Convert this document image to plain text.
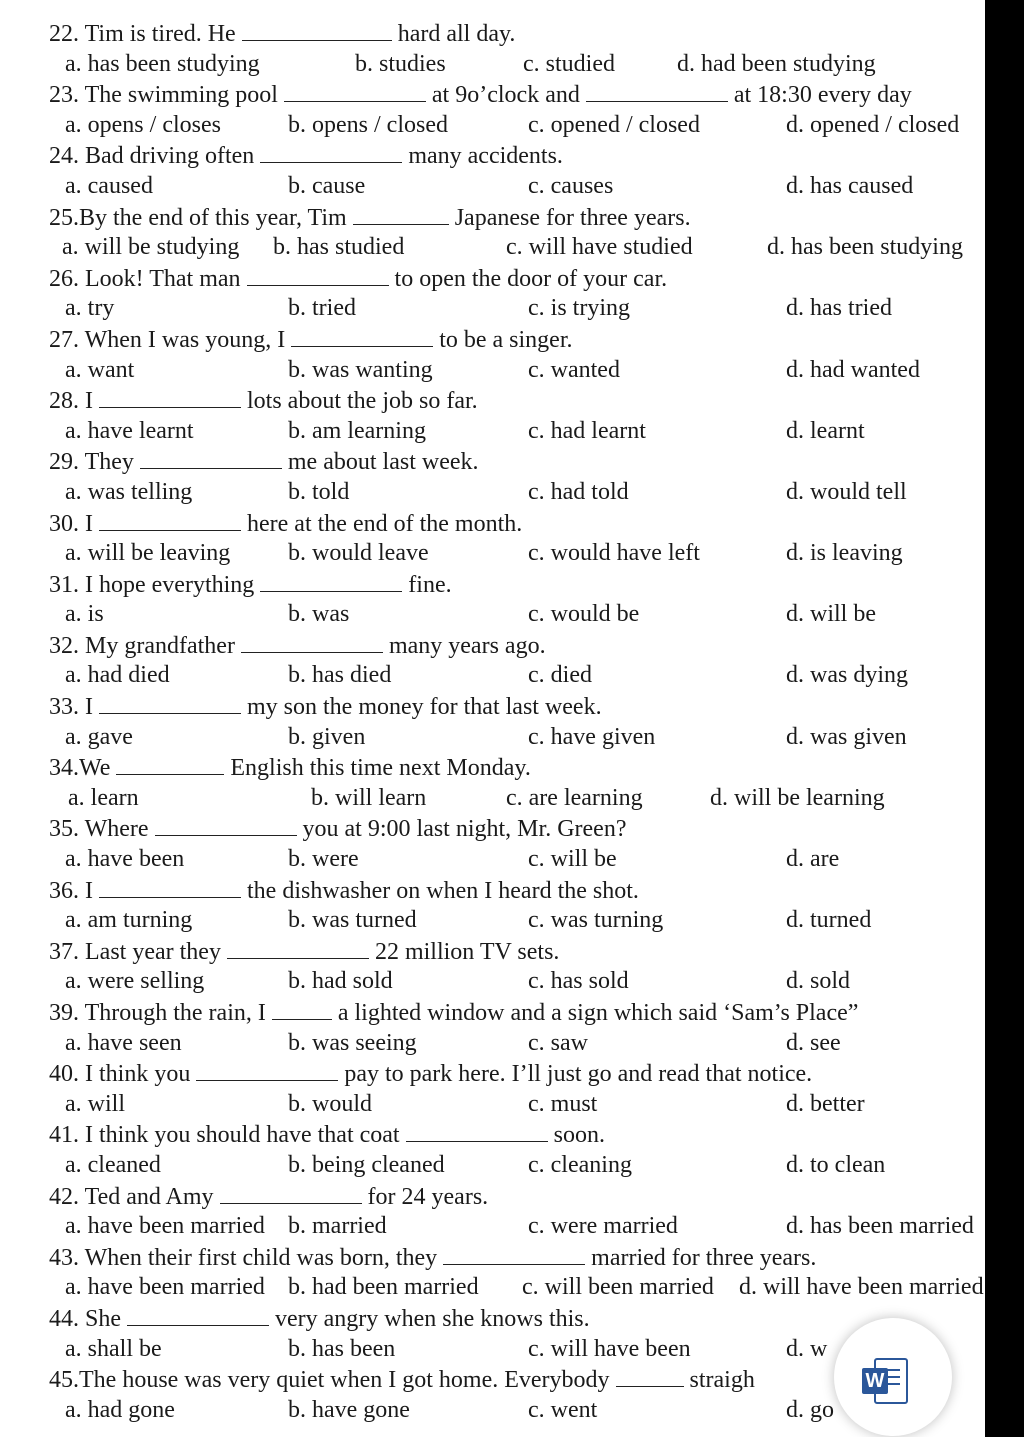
22. Tim is tired. He	hard all day.
a. has been studying	b. studies	c. studied	d. had been studying
23. The swimming pool	at 9o’clock and	at 18:30 every day
a. opens / closes	b. opens / closed	c. opened / closed	d. opened / closed
24. Bad driving often	many accidents.
a. caused	b. cause	c. causes	d. has caused
25.By the end of this year, Tim	Japanese for three years.
a. will be studying b. has studied	c. will have studied	d. has been studying
26. Look! That man	to open the door of your car.
a. try	b. tried	c. is trying	d. has tried
27. When I was young, I	to be a singer.
a. want	b. was wanting	c. wanted	d. had wanted
28. I	lots about the job so far.
a. have learnt	b. am learning	c. had learnt	d. learnt
29. They	me about last week.
a. was telling	b. told	c. had told	d. would tell
30. I	here at the end of the month.
a. will be leaving b. would leave	c. would have left	d. is leaving
31. I hope everything	fine.
a. is	b. was	c. would be	d. will be
32. My grandfather	many years ago.
a. had died	b. has died	c. died	d. was dying
33. I	my son the money for that last week.
a. gave	b. given	c. have given	d. was given
34.We	English this time next Monday.
a. learn	b. will learn	c. are learning	d. will be learning
35. Where	you at 9:00 last night, Mr. Green?
a. have been	b. were	c. will be	d. are
36. I	the dishwasher on when I heard the shot.
a. am turning	b. was turned	c. was turning	d. turned
37. Last year they	22 million TV sets.
a. were selling	b. had sold	c. has sold	d. sold
39. Through the rain, I	a lighted window and a sign which said ‘Sam’s Place”
a. have seen	b. was seeing	c. saw	d. see
40. I think you	pay to park here. I’ll just go and read that notice.
a. will	b. would	c. must	d. better
41. I think you should have that coat	soon.
a. cleaned	b. being cleaned	c. cleaning	d. to clean
42. Ted and Amy	for 24 years.
a. have been married b. married	c. were married	d. has been married
43. When their first child was born, they	married for three years.
a. have been married b. had been married c. will been married d. will have been married
44. She	very angry when she knows this.
a. shall be	b. has been	c. will have been	d. w
45.The house was very quiet when I got home. Everybody	straigh
a. had gone	b. have gone	c. went	d. go
W
